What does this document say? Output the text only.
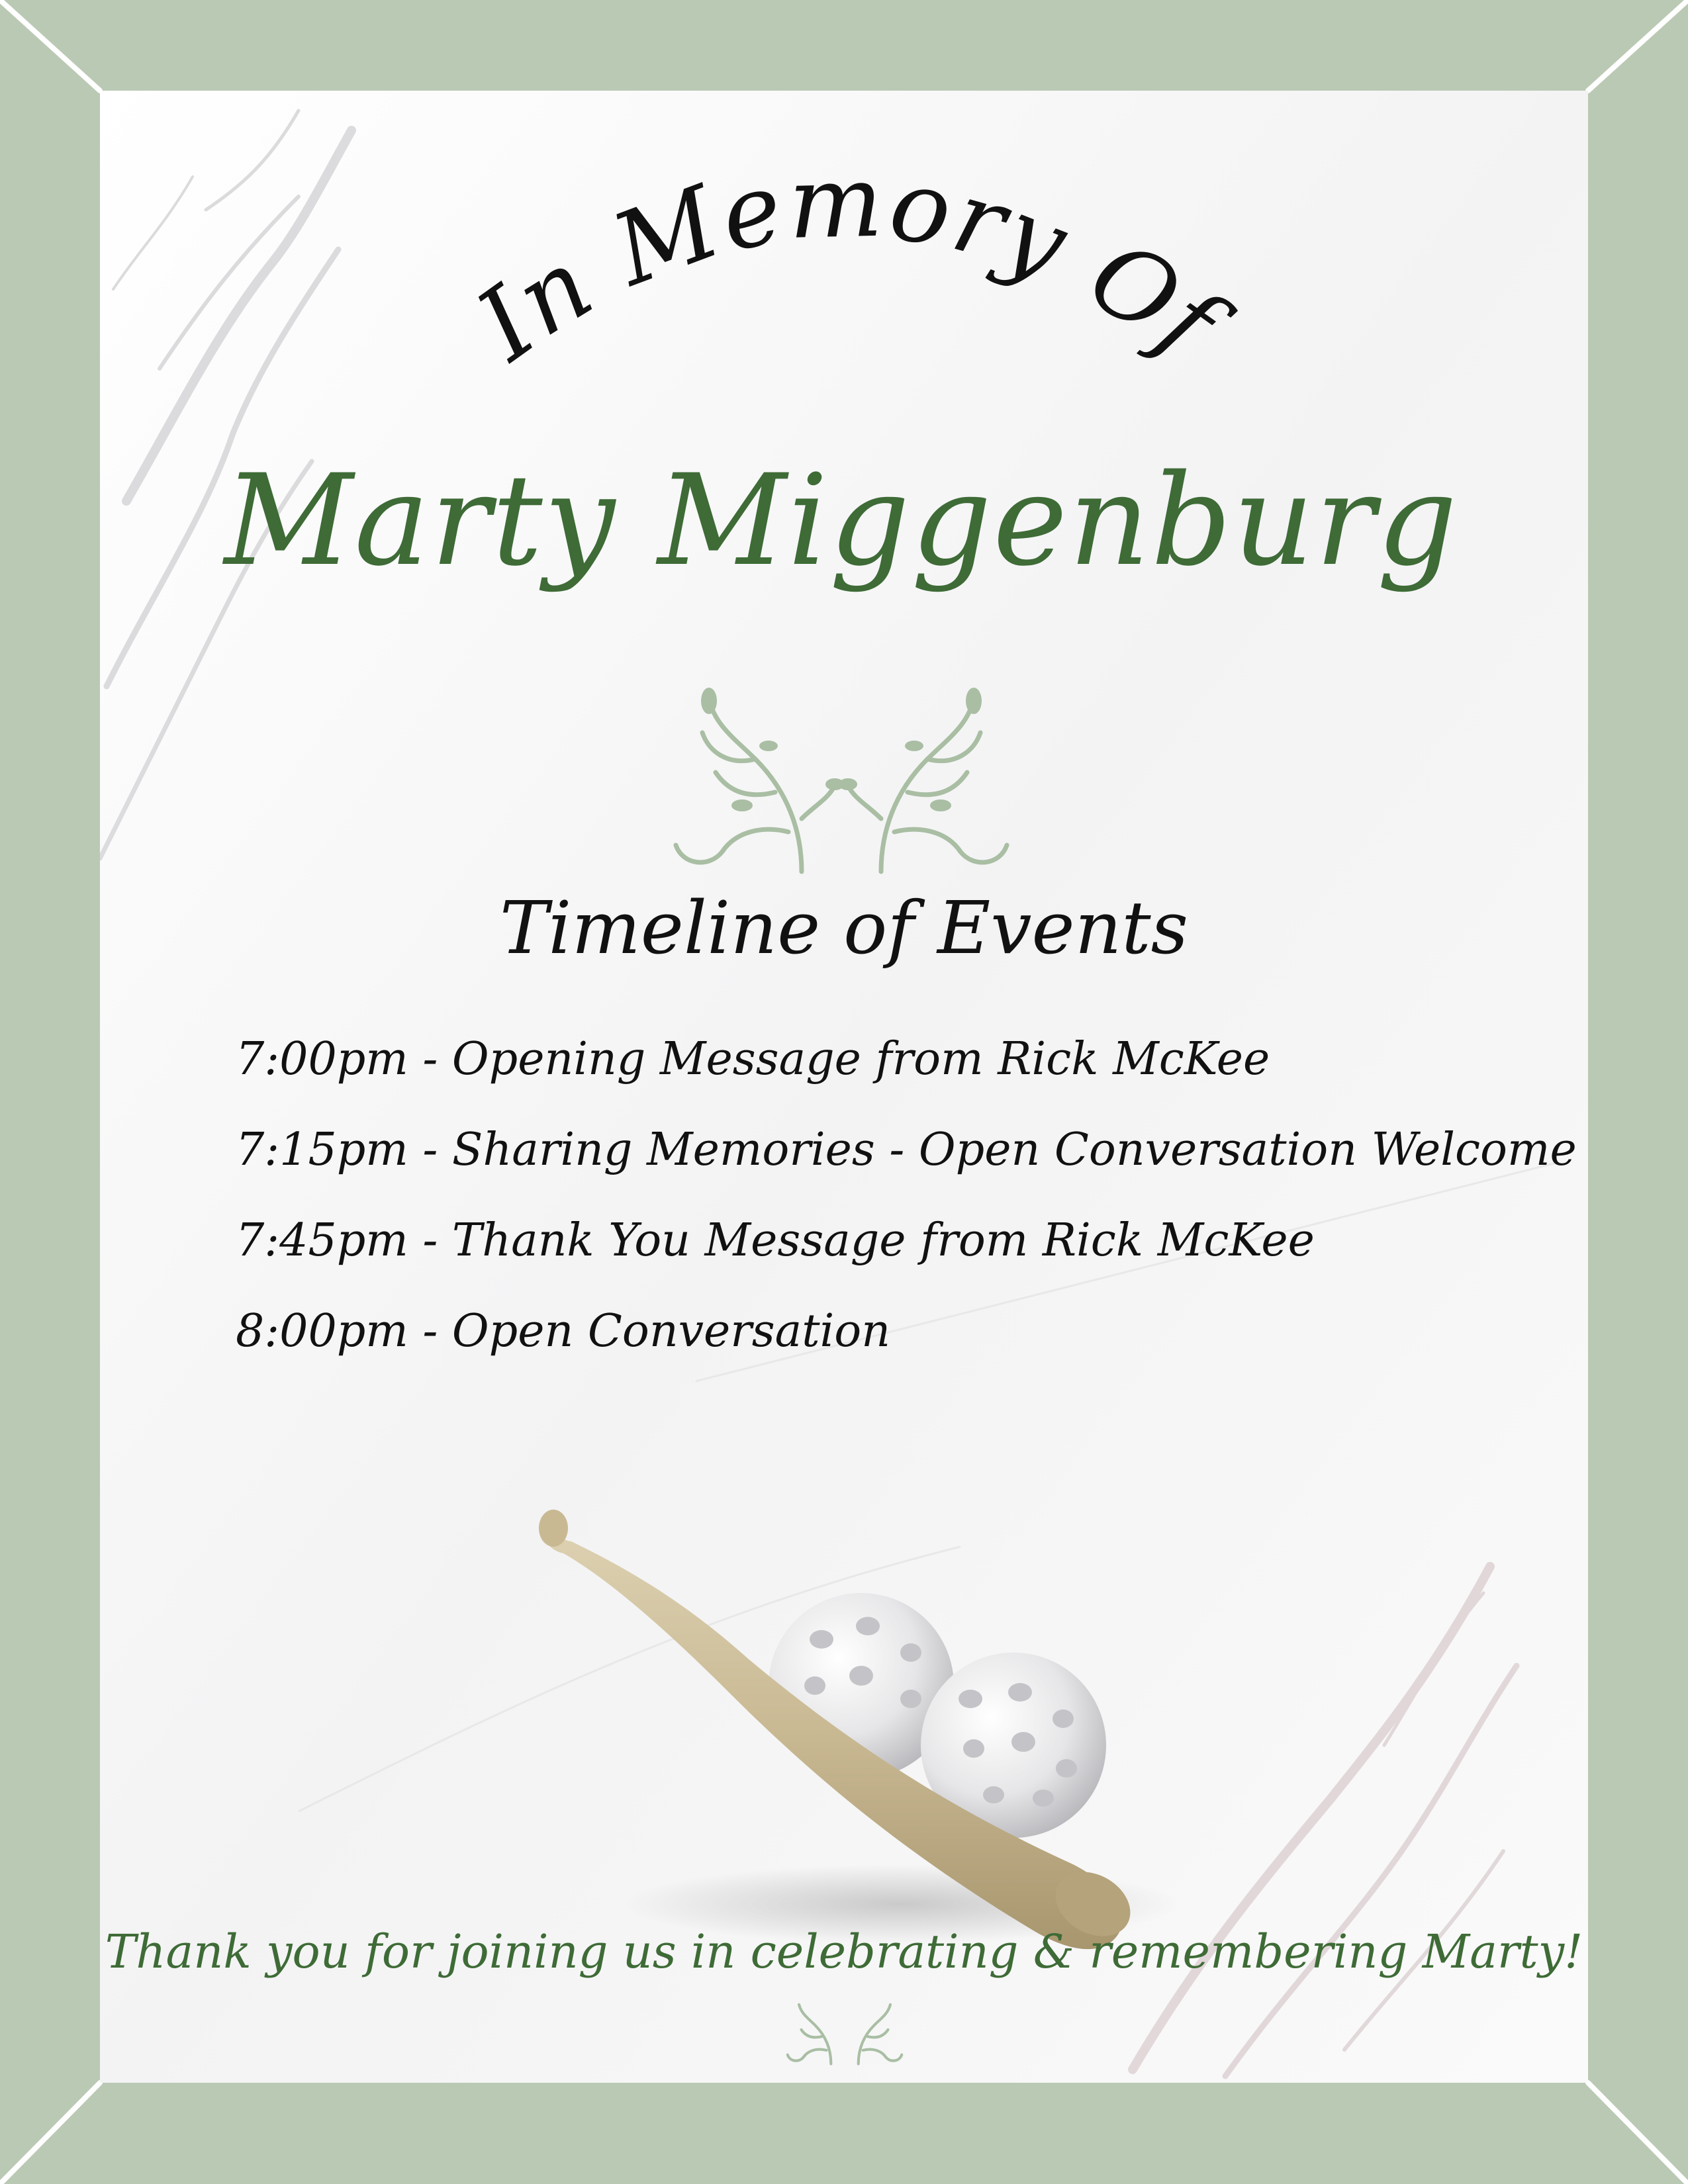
In Memory Of
Marty Miggenburg
Timeline of Events
7:00pm - Opening Message from Rick McKee
7:15pm - Sharing Memories - Open Conversation Welcome
7:45pm - Thank You Message from Rick McKee
8:00pm - Open Conversation
Thank you for joining us in celebrating & remembering Marty!
